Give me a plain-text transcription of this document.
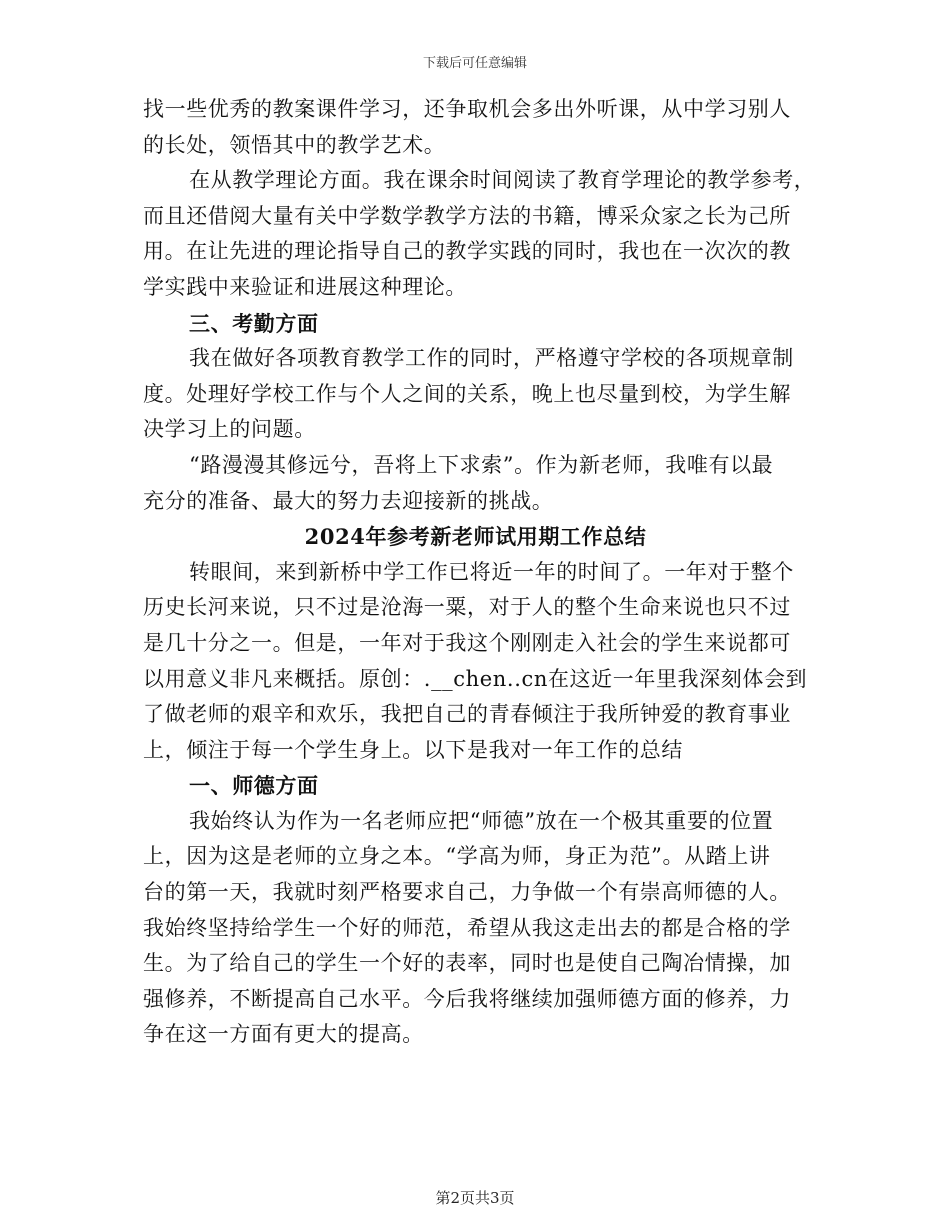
下载后可任意编辑
找一些优秀的教案课件学习，还争取机会多出外听课，从中学习别人
的长处，领悟其中的教学艺术。
在从教学理论方面。我在课余时间阅读了教育学理论的教学参考，
而且还借阅大量有关中学数学教学方法的书籍，博采众家之长为己所
用。在让先进的理论指导自己的教学实践的同时，我也在一次次的教
学实践中来验证和进展这种理论。
三、考勤方面
我在做好各项教育教学工作的同时，严格遵守学校的各项规章制
度。处理好学校工作与个人之间的关系，晚上也尽量到校，为学生解
决学习上的问题。
“路漫漫其修远兮，吾将上下求索”。作为新老师，我唯有以最
充分的准备、最大的努力去迎接新的挑战。
2024年参考新老师试用期工作总结
转眼间，来到新桥中学工作已将近一年的时间了。一年对于整个
历史长河来说，只不过是沧海一粟，对于人的整个生命来说也只不过
是几十分之一。但是，一年对于我这个刚刚走入社会的学生来说都可
以用意义非凡来概括。原创：.__chen..cn在这近一年里我深刻体会到
了做老师的艰辛和欢乐，我把自己的青春倾注于我所钟爱的教育事业
上，倾注于每一个学生身上。以下是我对一年工作的总结
一、师德方面
我始终认为作为一名老师应把“师德”放在一个极其重要的位置
上，因为这是老师的立身之本。“学高为师，身正为范”。从踏上讲
台的第一天，我就时刻严格要求自己，力争做一个有崇高师德的人。
我始终坚持给学生一个好的师范，希望从我这走出去的都是合格的学
生。为了给自己的学生一个好的表率，同时也是使自己陶冶情操，加
强修养，不断提高自己水平。今后我将继续加强师德方面的修养，力
争在这一方面有更大的提高。
第2页共3页
